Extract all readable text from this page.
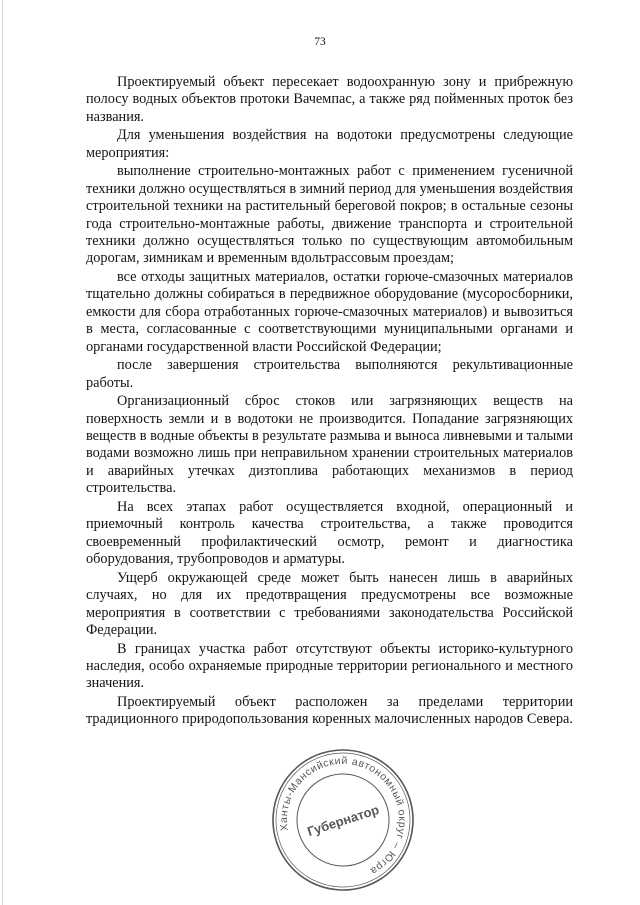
73

Проектируемый объект пересекает водоохранную зону и прибрежную полосу водных объектов протоки Вачемпас, а также ряд пойменных проток без названия.

Для уменьшения воздействия на водотоки предусмотрены следующие мероприятия:

выполнение строительно-монтажных работ с применением гусеничной техники должно осуществляться в зимний период для уменьшения воздействия строительной техники на растительный береговой покров; в остальные сезоны года строительно-монтажные работы, движение транспорта и строительной техники должно осуществляться только по существующим автомобильным дорогам, зимникам и временным вдольтрассовым проездам;

все отходы защитных материалов, остатки горюче-смазочных материалов тщательно должны собираться в передвижное оборудование (мусоросборники, емкости для сбора отработанных горюче-смазочных материалов) и вывозиться в места, согласованные с соответствующими муниципальными органами и органами государственной власти Российской Федерации;

после завершения строительства выполняются рекультивационные работы.

Организационный сброс стоков или загрязняющих веществ на поверхность земли и в водотоки не производится. Попадание загрязняющих веществ в водные объекты в результате размыва и выноса ливневыми и талыми водами возможно лишь при неправильном хранении строительных материалов и аварийных утечках дизтоплива работающих механизмов в период строительства.

На всех этапах работ осуществляется входной, операционный и приемочный контроль качества строительства, а также проводится своевременный профилактический осмотр, ремонт и диагностика оборудования, трубопроводов и арматуры.

Ущерб окружающей среде может быть нанесен лишь в аварийных случаях, но для их предотвращения предусмотрены все возможные мероприятия в соответствии с требованиями законодательства Российской Федерации.

В границах участка работ отсутствуют объекты историко-культурного наследия, особо охраняемые природные территории регионального и местного значения.

Проектируемый объект расположен за пределами территории традиционного природопользования коренных малочисленных народов Севера.

Ханты-Мансийский автономный округ – Югра
Губернатор
